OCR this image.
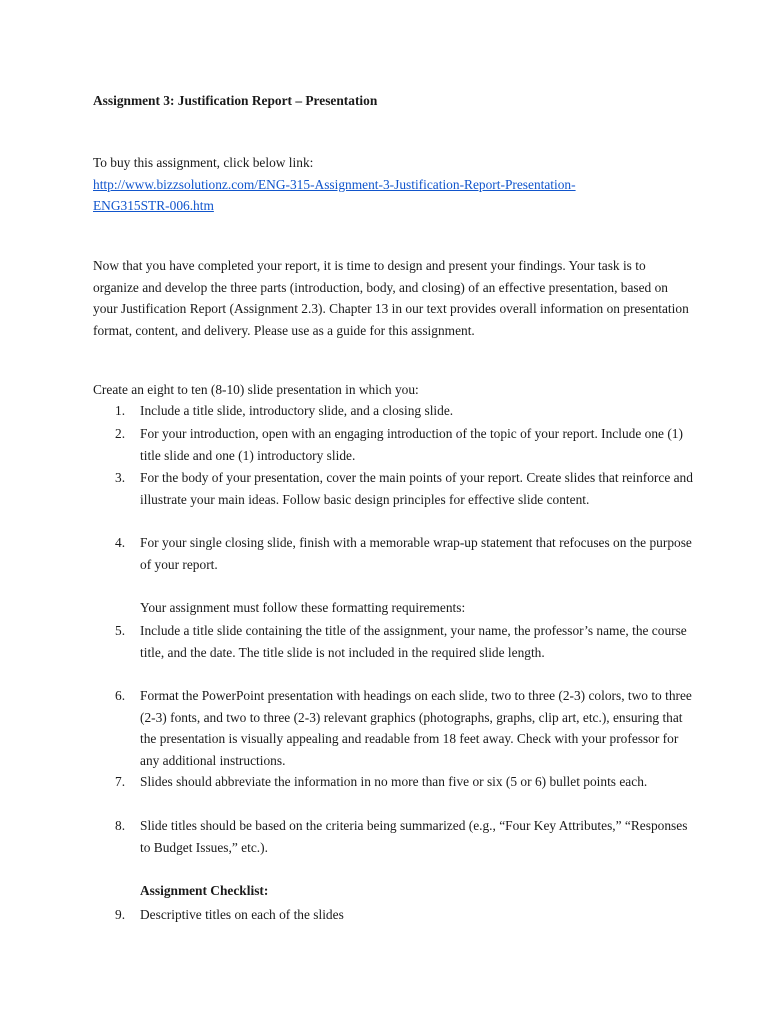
Assignment 3: Justification Report – Presentation
To buy this assignment, click below link:
http://www.bizzsolutionz.com/ENG-315-Assignment-3-Justification-Report-Presentation-
ENG315STR-006.htm
Now that you have completed your report, it is time to design and present your findings. Your task is to organize and develop the three parts (introduction, body, and closing) of an effective presentation, based on your Justification Report (Assignment 2.3). Chapter 13 in our text provides overall information on presentation format, content, and delivery. Please use as a guide for this assignment.
Create an eight to ten (8-10) slide presentation in which you:
1.	Include a title slide, introductory slide, and a closing slide.
2.	For your introduction, open with an engaging introduction of the topic of your report. Include one (1) title slide and one (1) introductory slide.
3.	For the body of your presentation, cover the main points of your report. Create slides that reinforce and illustrate your main ideas. Follow basic design principles for effective slide content.
4.	For your single closing slide, finish with a memorable wrap-up statement that refocuses on the purpose of your report.
Your assignment must follow these formatting requirements:
5.	Include a title slide containing the title of the assignment, your name, the professor’s name, the course title, and the date. The title slide is not included in the required slide length.
6.	Format the PowerPoint presentation with headings on each slide, two to three (2-3) colors, two to three (2-3) fonts, and two to three (2-3) relevant graphics (photographs, graphs, clip art, etc.), ensuring that the presentation is visually appealing and readable from 18 feet away. Check with your professor for any additional instructions.
7.	Slides should abbreviate the information in no more than five or six (5 or 6) bullet points each.
8.	Slide titles should be based on the criteria being summarized (e.g., “Four Key Attributes,” “Responses to Budget Issues,” etc.).
Assignment Checklist:
9.	Descriptive titles on each of the slides
